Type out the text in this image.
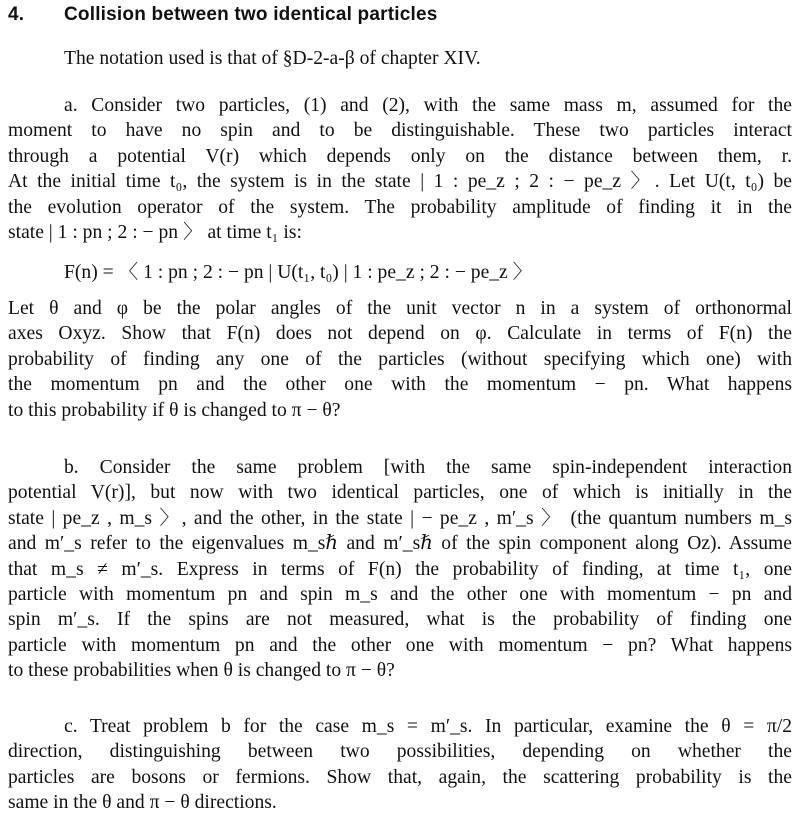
4. Collision between two identical particles
The notation used is that of §D-2-a-β of chapter XIV.
a. Consider two particles, (1) and (2), with the same mass m, assumed for the
moment to have no spin and to be distinguishable. These two particles interact
through a potential V(r) which depends only on the distance between them, r.
At the initial time t₀, the system is in the state | 1 : pe_z ; 2 : − pe_z 〉. Let U(t, t₀) be
the evolution operator of the system. The probability amplitude of finding it in the
state | 1 : pn ; 2 : − pn 〉 at time t₁ is:
F(n) = 〈 1 : pn ; 2 : − pn | U(t₁, t₀) | 1 : pe_z ; 2 : − pe_z 〉
Let θ and φ be the polar angles of the unit vector n in a system of orthonormal
axes Oxyz. Show that F(n) does not depend on φ. Calculate in terms of F(n) the
probability of finding any one of the particles (without specifying which one) with
the momentum pn and the other one with the momentum − pn. What happens
to this probability if θ is changed to π − θ?
b. Consider the same problem [with the same spin-independent interaction
potential V(r)], but now with two identical particles, one of which is initially in the
state | pe_z , m_s 〉, and the other, in the state | − pe_z , m′_s 〉 (the quantum numbers m_s
and m′_s refer to the eigenvalues m_sℏ and m′_sℏ of the spin component along Oz). Assume
that m_s ≠ m′_s. Express in terms of F(n) the probability of finding, at time t₁, one
particle with momentum pn and spin m_s and the other one with momentum − pn and
spin m′_s. If the spins are not measured, what is the probability of finding one
particle with momentum pn and the other one with momentum − pn? What happens
to these probabilities when θ is changed to π − θ?
c. Treat problem b for the case m_s = m′_s. In particular, examine the θ = π/2
direction, distinguishing between two possibilities, depending on whether the
particles are bosons or fermions. Show that, again, the scattering probability is the
same in the θ and π − θ directions.
